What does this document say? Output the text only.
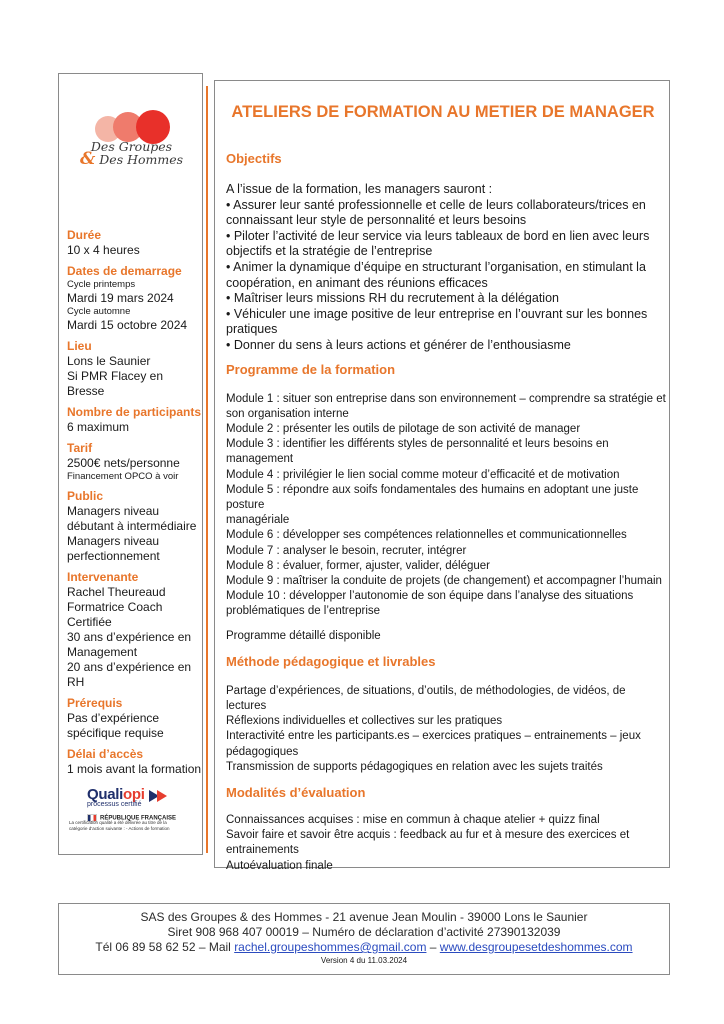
Des Groupes
& Des Hommes
Durée
10 x 4 heures
Dates de demarrage
Cycle printemps
Mardi 19 mars 2024
Cycle automne
Mardi 15 octobre 2024
Lieu
Lons le Saunier
Si PMR Flacey en Bresse
Nombre de participants
6 maximum
Tarif
2500€ nets/personne
Financement OPCO à voir
Public
Managers niveau
débutant à intermédiaire
Managers niveau
perfectionnement
Intervenante
Rachel Theureaud
Formatrice Coach Certifiée
30 ans d’expérience en
Management
20 ans d’expérience en RH
Prérequis
Pas d’expérience
spécifique requise
Délai d’accès
1 mois avant la formation
Qualiopi
processus certifié
RÉPUBLIQUE FRANÇAISE
La certification qualité a été délivrée au titre de la catégorie d’action suivante : - Actions de formation
ATELIERS DE FORMATION AU METIER DE MANAGER
Objectifs
A l’issue de la formation, les managers sauront :
• Assurer leur santé professionnelle et celle de leurs collaborateurs/trices en
connaissant leur style de personnalité et leurs besoins
• Piloter l’activité de leur service via leurs tableaux de bord en lien avec leurs
objectifs et la stratégie de l’entreprise
• Animer la dynamique d’équipe en structurant l’organisation, en stimulant la
coopération, en animant des réunions efficaces
• Maîtriser leurs missions RH du recrutement à la délégation
• Véhiculer une image positive de leur entreprise en l’ouvrant sur les bonnes
pratiques
• Donner du sens à leurs actions et générer de l’enthousiasme
Programme de la formation
Module 1 : situer son entreprise dans son environnement – comprendre sa stratégie et
son organisation interne
Module 2 : présenter les outils de pilotage de son activité de manager
Module 3 : identifier les différents styles de personnalité et leurs besoins en management
Module 4 : privilégier le lien social comme moteur d’efficacité et de motivation
Module 5 : répondre aux soifs fondamentales des humains en adoptant une juste posture
managériale
Module 6 : développer ses compétences relationnelles et communicationnelles
Module 7 : analyser le besoin, recruter, intégrer
Module 8 : évaluer, former, ajuster, valider, déléguer
Module 9 : maîtriser la conduite de projets (de changement) et accompagner l’humain
Module 10 : développer l’autonomie de son équipe dans l’analyse des situations
problématiques de l’entreprise
Programme détaillé disponible
Méthode pédagogique et livrables
Partage d’expériences, de situations, d’outils, de méthodologies, de vidéos, de lectures
Réflexions individuelles et collectives sur les pratiques
Interactivité entre les participants.es – exercices pratiques – entrainements – jeux
pédagogiques
Transmission de supports pédagogiques en relation avec les sujets traités
Modalités d’évaluation
Connaissances acquises : mise en commun à chaque atelier + quizz final
Savoir faire et savoir être acquis : feedback au fur et à mesure des exercices et
entrainements
Autoévaluation finale
SAS des Groupes & des Hommes - 21 avenue Jean Moulin - 39000 Lons le Saunier
Siret 908 968 407 00019 – Numéro de déclaration d’activité 27390132039
Tél 06 89 58 62 52 – Mail rachel.groupeshommes@gmail.com – www.desgroupesetdeshommes.com
Version 4 du 11.03.2024
